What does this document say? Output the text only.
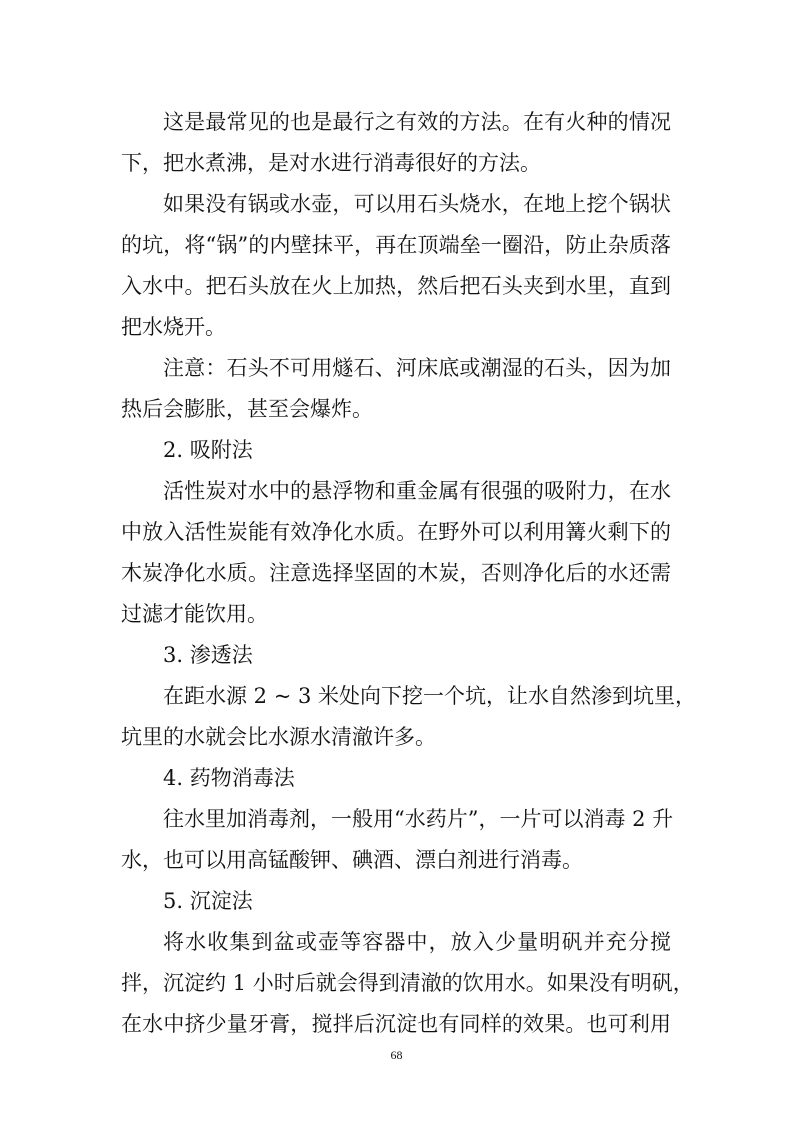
这是最常见的也是最行之有效的方法。在有火种的情况
下，把水煮沸，是对水进行消毒很好的方法。
如果没有锅或水壶，可以用石头烧水，在地上挖个锅状
的坑，将“锅”的内壁抹平，再在顶端垒一圈沿，防止杂质落
入水中。把石头放在火上加热，然后把石头夹到水里，直到
把水烧开。
注意：石头不可用燧石、河床底或潮湿的石头，因为加
热后会膨胀，甚至会爆炸。
2. 吸附法
活性炭对水中的悬浮物和重金属有很强的吸附力，在水
中放入活性炭能有效净化水质。在野外可以利用篝火剩下的
木炭净化水质。注意选择坚固的木炭，否则净化后的水还需
过滤才能饮用。
3. 渗透法
在距水源 2 ~ 3 米处向下挖一个坑，让水自然渗到坑里，
坑里的水就会比水源水清澈许多。
4. 药物消毒法
往水里加消毒剂，一般用“水药片”，一片可以消毒 2 升
水，也可以用高锰酸钾、碘酒、漂白剂进行消毒。
5. 沉淀法
将水收集到盆或壶等容器中，放入少量明矾并充分搅
拌，沉淀约 1 小时后就会得到清澈的饮用水。如果没有明矾，
在水中挤少量牙膏，搅拌后沉淀也有同样的效果。也可利用
68
